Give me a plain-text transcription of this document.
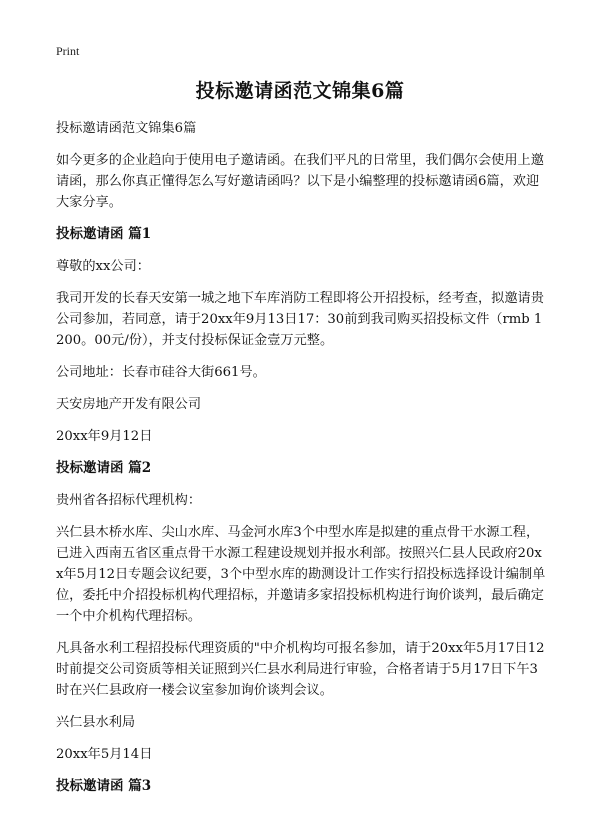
Print
投标邀请函范文锦集6篇

投标邀请函范文锦集6篇

如今更多的企业趋向于使用电子邀请函。在我们平凡的日常里，我们偶尔会使用上邀请函，那么你真正懂得怎么写好邀请函吗？以下是小编整理的投标邀请函6篇，欢迎大家分享。

投标邀请函 篇1

尊敬的xx公司：

我司开发的长春天安第一城之地下车库消防工程即将公开招投标，经考查，拟邀请贵公司参加，若同意，请于20xx年9月13日17：30前到我司购买招投标文件（rmb 1200。00元/份），并支付投标保证金壹万元整。

公司地址：长春市硅谷大街661号。

天安房地产开发有限公司

20xx年9月12日

投标邀请函 篇2

贵州省各招标代理机构：

兴仁县木桥水库、尖山水库、马金河水库3个中型水库是拟建的重点骨干水源工程，已进入西南五省区重点骨干水源工程建设规划并报水利部。按照兴仁县人民政府20xx年5月12日专题会议纪要，3个中型水库的勘测设计工作实行招投标选择设计编制单位，委托中介招投标机构代理招标，并邀请多家招投标机构进行询价谈判，最后确定一个中介机构代理招标。

凡具备水利工程招投标代理资质的"中介机构均可报名参加，请于20xx年5月17日12时前提交公司资质等相关证照到兴仁县水利局进行审验，合格者请于5月17日下午3时在兴仁县政府一楼会议室参加询价谈判会议。

兴仁县水利局

20xx年5月14日

投标邀请函 篇3
